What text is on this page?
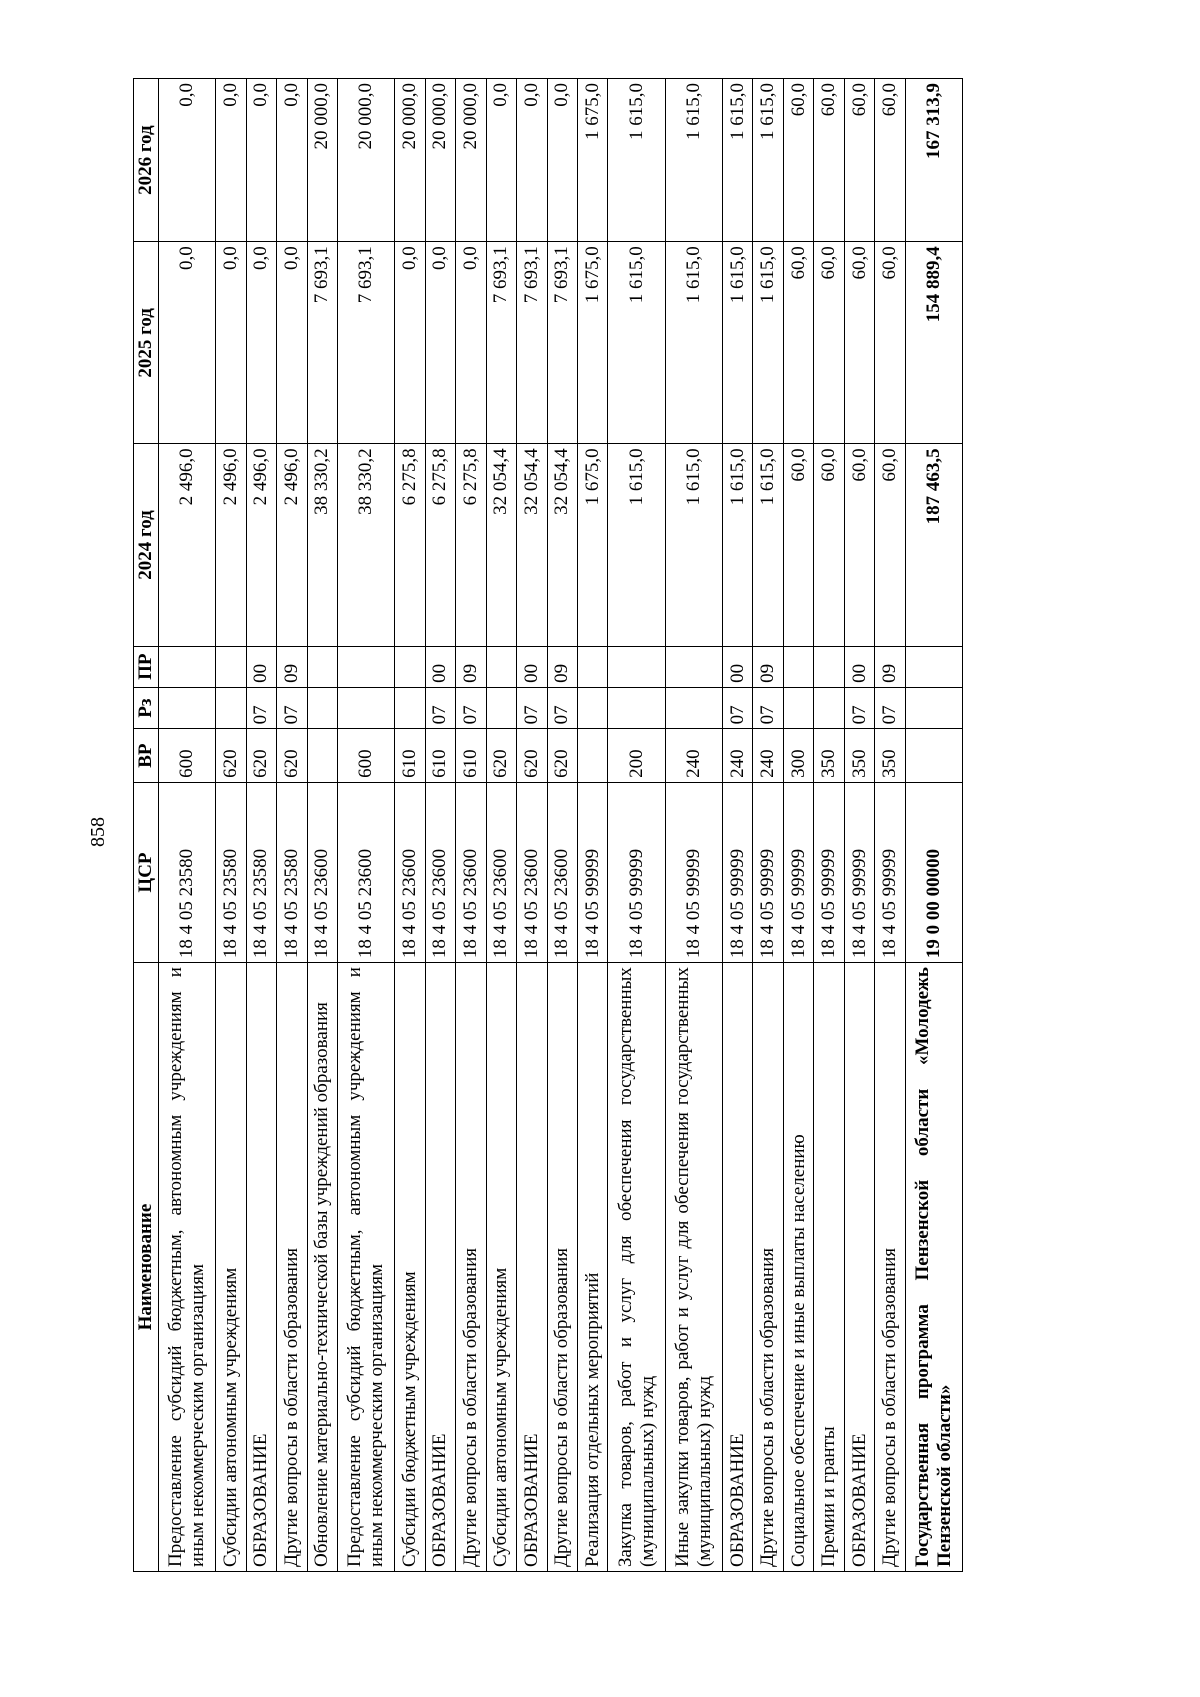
858
Наименование	ЦСР	ВР	Рз	ПР	2024 год	2025 год	2026 год
Предоставление субсидий бюджетным, автономным учреждениям и иным некоммерческим организациям	18 4 05 23580	600			2 496,0	0,0	0,0
Субсидии автономным учреждениям	18 4 05 23580	620			2 496,0	0,0	0,0
ОБРАЗОВАНИЕ	18 4 05 23580	620	07	00	2 496,0	0,0	0,0
Другие вопросы в области образования	18 4 05 23580	620	07	09	2 496,0	0,0	0,0
Обновление материально-технической базы учреждений образования	18 4 05 23600				38 330,2	7 693,1	20 000,0
Предоставление субсидий бюджетным, автономным учреждениям и иным некоммерческим организациям	18 4 05 23600	600			38 330,2	7 693,1	20 000,0
Субсидии бюджетным учреждениям	18 4 05 23600	610			6 275,8	0,0	20 000,0
ОБРАЗОВАНИЕ	18 4 05 23600	610	07	00	6 275,8	0,0	20 000,0
Другие вопросы в области образования	18 4 05 23600	610	07	09	6 275,8	0,0	20 000,0
Субсидии автономным учреждениям	18 4 05 23600	620			32 054,4	7 693,1	0,0
ОБРАЗОВАНИЕ	18 4 05 23600	620	07	00	32 054,4	7 693,1	0,0
Другие вопросы в области образования	18 4 05 23600	620	07	09	32 054,4	7 693,1	0,0
Реализация отдельных мероприятий	18 4 05 99999				1 675,0	1 675,0	1 675,0
Закупка товаров, работ и услуг для обеспечения государственных (муниципальных) нужд	18 4 05 99999	200			1 615,0	1 615,0	1 615,0
Иные закупки товаров, работ и услуг для обеспечения государственных (муниципальных) нужд	18 4 05 99999	240			1 615,0	1 615,0	1 615,0
ОБРАЗОВАНИЕ	18 4 05 99999	240	07	00	1 615,0	1 615,0	1 615,0
Другие вопросы в области образования	18 4 05 99999	240	07	09	1 615,0	1 615,0	1 615,0
Социальное обеспечение и иные выплаты населению	18 4 05 99999	300			60,0	60,0	60,0
Премии и гранты	18 4 05 99999	350			60,0	60,0	60,0
ОБРАЗОВАНИЕ	18 4 05 99999	350	07	00	60,0	60,0	60,0
Другие вопросы в области образования	18 4 05 99999	350	07	09	60,0	60,0	60,0
Государственная программа Пензенской области «Молодежь Пензенской области»	19 0 00 00000				187 463,5	154 889,4	167 313,9
